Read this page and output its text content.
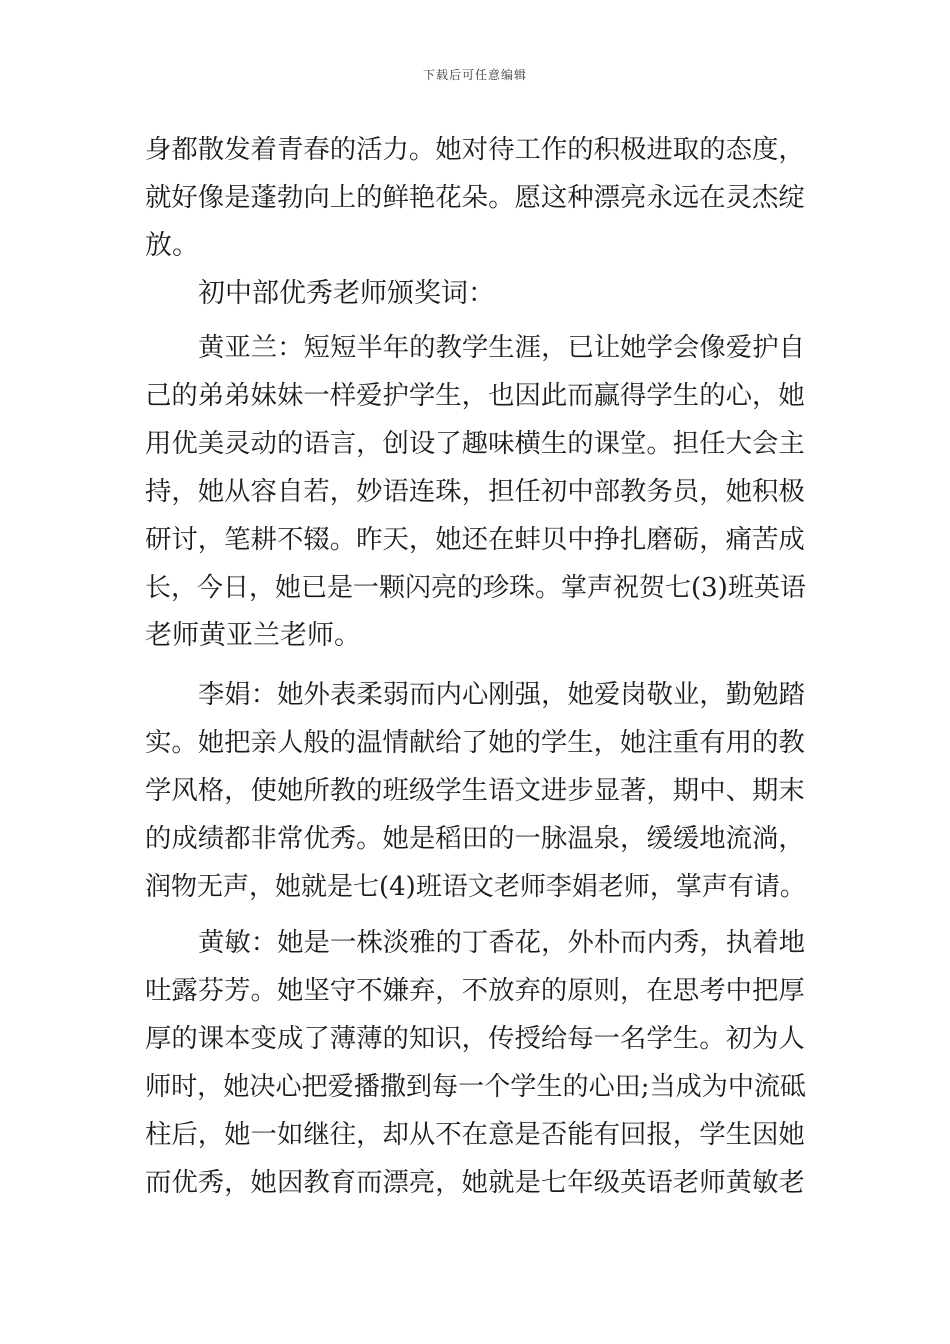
下载后可任意编辑
身都散发着青春的活力。她对待工作的积极进取的态度，
就好像是蓬勃向上的鲜艳花朵。愿这种漂亮永远在灵杰绽
放。
初中部优秀老师颁奖词：
黄亚兰：短短半年的教学生涯，已让她学会像爱护自
己的弟弟妹妹一样爱护学生，也因此而赢得学生的心，她
用优美灵动的语言，创设了趣味横生的课堂。担任大会主
持，她从容自若，妙语连珠，担任初中部教务员，她积极
研讨，笔耕不辍。昨天，她还在蚌贝中挣扎磨砺，痛苦成
长，今日，她已是一颗闪亮的珍珠。掌声祝贺七(3)班英语
老师黄亚兰老师。
李娟：她外表柔弱而内心刚强，她爱岗敬业，勤勉踏
实。她把亲人般的温情献给了她的学生，她注重有用的教
学风格，使她所教的班级学生语文进步显著，期中、期末
的成绩都非常优秀。她是稻田的一脉温泉，缓缓地流淌，
润物无声，她就是七(4)班语文老师李娟老师，掌声有请。
黄敏：她是一株淡雅的丁香花，外朴而内秀，执着地
吐露芬芳。她坚守不嫌弃，不放弃的原则，在思考中把厚
厚的课本变成了薄薄的知识，传授给每一名学生。初为人
师时，她决心把爱播撒到每一个学生的心田;当成为中流砥
柱后，她一如继往，却从不在意是否能有回报，学生因她
而优秀，她因教育而漂亮，她就是七年级英语老师黄敏老
